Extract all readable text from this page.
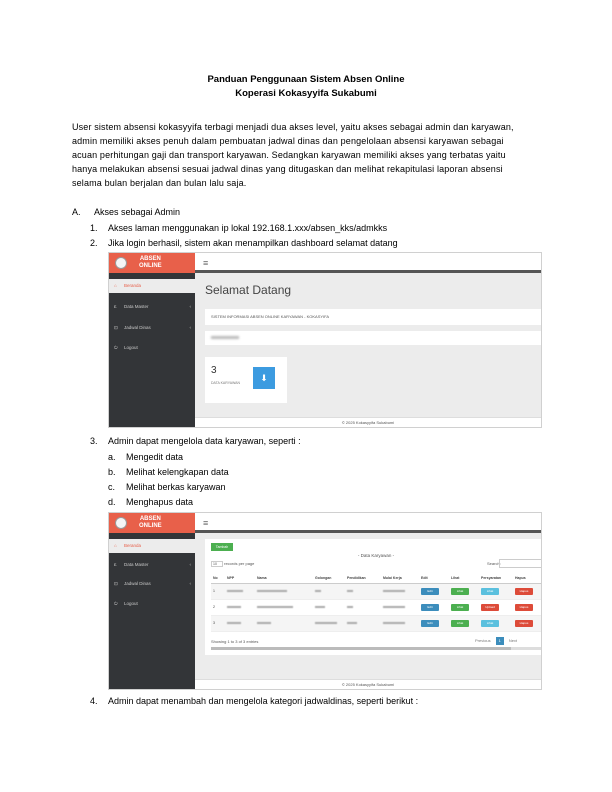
Panduan Penggunaan Sistem Absen Online
Koperasi Kokasyyifa Sukabumi
User sistem absensi kokasyyifa terbagi menjadi dua akses level, yaitu akses sebagai admin dan karyawan,
admin memiliki akses penuh dalam pembuatan jadwal dinas dan pengelolaan absensi karyawan sebagai
acuan perhitungan gaji dan transport karyawan. Sedangkan karyawan memiliki akses yang terbatas yaitu
hanya melakukan absensi sesuai jadwal dinas yang ditugaskan dan melihat rekapitulasi laporan absensi
selama bulan berjalan dan bulan lalu saja.
A. Akses sebagai Admin
1. Akses laman menggunakan ip lokal 192.168.1.xxx/absen_kks/admkks
2. Jika login berhasil, sistem akan menampilkan dashboard selamat datang
ABSEN
ONLINE	≡
⌂ Beranda
£ Data Master	‹
⊡ Jadwal Dinas	‹
⏻ Logout
Selamat Datang
SISTEM INFORMASI ABSEN ONLINE KARYAWAN - KOKASYIFA
3
DATA KARYAWAN	⬇
© 2025 Kokasyyifa Sukabumi
3. Admin dapat mengelola data karyawan, seperti :
a. Mengedit data
b. Melihat kelengkapan data
c. Melihat berkas karyawan
d. Menghapus data
ABSEN
ONLINE	≡
⌂ Beranda
£ Data Master	‹
⊡ Jadwal Dinas	‹
⏻ Logout
Tambah
- Data Karyawan -
10 records per page	Search:
No	NPP	Nama	Golongan	Pendidikan	Mulai Kerja	Edit	Lihat	Persyaratan	Hapus
1						Edit	Lihat	Lihat	Hapus
2						Edit	Lihat	Upload	Hapus
3						Edit	Lihat	Lihat	Hapus
Showing 1 to 3 of 3 entries	Previous 1 Next
© 2025 Kokasyyifa Sukabumi
4. Admin dapat menambah dan mengelola kategori jadwaldinas, seperti berikut :
